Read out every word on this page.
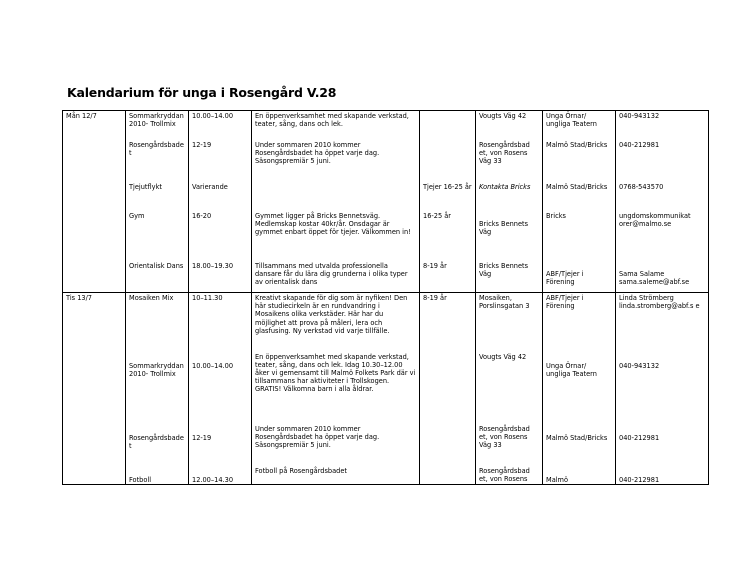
Kalendarium för unga i Rosengård V.28
Mån 12/7	Sommarkryddan 2010- Trollmix	10.00–14.00	En öppenverksamhet med skapande verkstad, teater, sång, dans och lek.		Vougts Väg 42	Unga Örnar/ ungliga Teatern	040-943132
	Rosengårdsbadet	12-19	Under sommaren 2010 kommer Rosengårdsbadet ha öppet varje dag. Säsongspremiär 5 juni.		Rosengårdsbad et, von Rosens Väg 33	Malmö Stad/Bricks	040-212981
	Tjejutflykt	Varierande		Tjejer 16-25 år	Kontakta Bricks	Malmö Stad/Bricks	0768-543570
	Gym	16-20	Gymmet ligger på Bricks Bennetsväg. Medlemskap kostar 40kr/år. Onsdagar är gymmet enbart öppet för tjejer. Välkommen in!	16-25 år	Bricks Bennets Väg	Bricks	ungdomskommunikat orer@malmo.se
	Orientalisk Dans	18.00–19.30	Tillsammans med utvalda professionella dansare får du lära dig grunderna i olika typer av orientalisk dans	8-19 år	Bricks Bennets Väg	ABF/Tjejer i Förening	Sama Salame sama.saleme@abf.se
Tis 13/7	Mosaiken Mix	10–11.30	Kreativt skapande för dig som är nyfiken! Den här studiecirkeln är en rundvandring i Mosaikens olika verkstäder. Här har du möjlighet att prova på måleri, lera och glasfusing. Ny verkstad vid varje tillfälle.	8-19 år	Mosaiken, Porslinsgatan 3	ABF/Tjejer i Förening	Linda Strömberg linda.stromberg@abf.s e
	Sommarkryddan 2010- Trollmix	10.00–14.00	En öppenverksamhet med skapande verkstad, teater, sång, dans och lek. Idag 10.30–12.00 åker vi gemensamt till Malmö Folkets Park där vi tillsammans har aktiviteter i Trollskogen. GRATIS! Välkomna barn i alla åldrar.		Vougts Väg 42	Unga Örnar/ ungliga Teatern	040-943132
	Rosengårdsbadet	12-19	Under sommaren 2010 kommer Rosengårdsbadet ha öppet varje dag. Säsongspremiär 5 juni.		Rosengårdsbad et, von Rosens Väg 33	Malmö Stad/Bricks	040-212981
	Fotboll	12.00–14.30	Fotboll på Rosengårdsbadet		Rosengårdsbad et, von Rosens	Malmö	040-212981
